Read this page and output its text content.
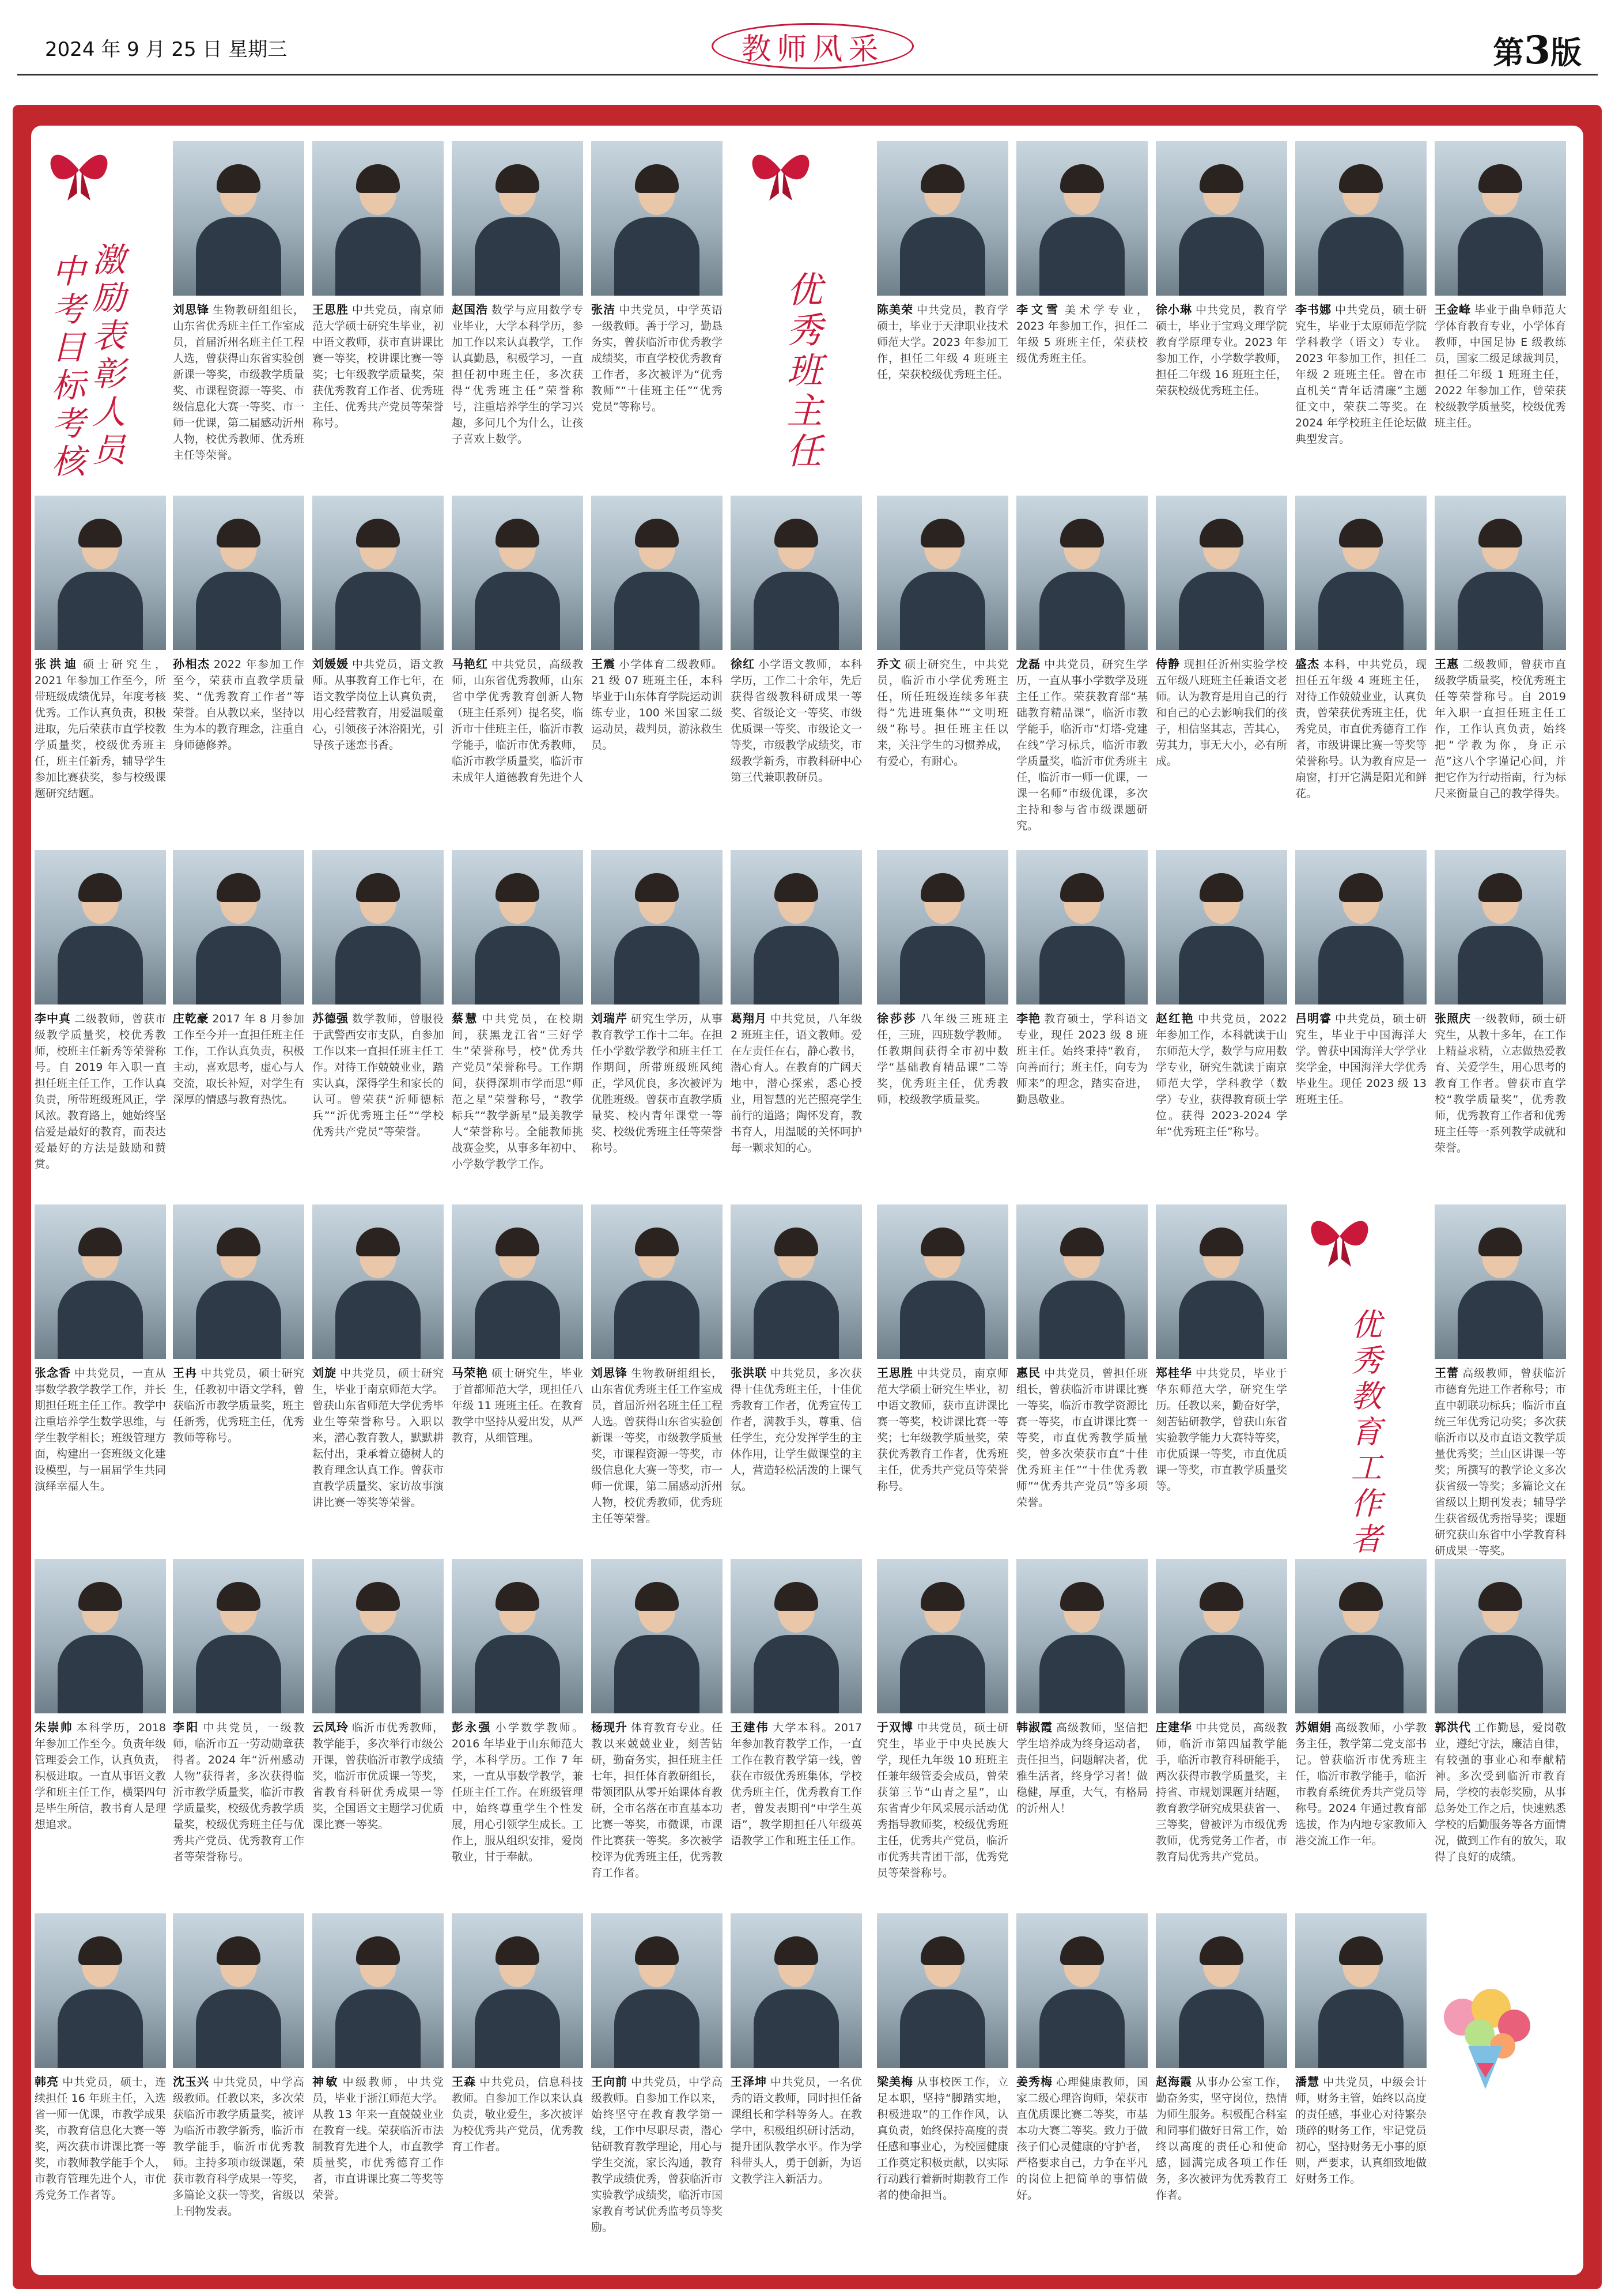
2024 年 9 月 25 日 星期三	教师风采	第3版
激励表彰人员
中考目标考核	优秀班主任
优秀教育工作者
刘思锋 生物教研组组长，山东省优秀班主任工作室成员，首届沂州名班主任工程人选，曾获得山东省实验创新课一等奖，市级教学质量奖、市课程资源一等奖、市级信息化大赛一等奖、市一师一优课，第二届感动沂州人物，校优秀教师、优秀班主任等荣誉。
王思胜 中共党员，南京师范大学硕士研究生毕业，初中语文教师，获市直讲课比赛一等奖，校讲课比赛一等奖；七年级教学质量奖，荣获优秀教育工作者、优秀班主任、优秀共产党员等荣誉称号。
赵国浩 数学与应用数学专业毕业，大学本科学历，参加工作以来认真教学，工作认真勤恳，积极学习，一直担任初中班主任，多次获得“优秀班主任”荣誉称号，注重培养学生的学习兴趣，多问几个为什么，让孩子喜欢上数学。
张洁 中共党员，中学英语一级教师。善于学习，勤恳务实，曾获临沂市优秀教学成绩奖，市直学校优秀教育工作者，多次被评为“优秀教师”“十佳班主任”“优秀党员”等称号。
陈美荣 中共党员，教育学硕士，毕业于天津职业技术师范大学。2023 年参加工作，担任二年级 4 班班主任，荣获校级优秀班主任。
李文雪 美术学专业，2023 年参加工作，担任二年级 5 班班主任，荣获校级优秀班主任。
徐小琳 中共党员，教育学硕士，毕业于宝鸡文理学院教育学原理专业。2023 年参加工作，小学数学教师，担任二年级 16 班班主任，荣获校级优秀班主任。
李书娜 中共党员，硕士研究生，毕业于太原师范学院学科教学（语文）专业。2023 年参加工作，担任二年级 2 班班主任。曾在市直机关“青年话清廉”主题征文中，荣获二等奖。在 2024 年学校班主任论坛做典型发言。
王金峰 毕业于曲阜师范大学体育教育专业，小学体育教师，中国足协 E 级教练员，国家二级足球裁判员，担任二年级 1 班班主任，2022 年参加工作，曾荣获校级教学质量奖，校级优秀班主任。
张洪迪 硕士研究生，2021 年参加工作至今，所带班级成绩优异，年度考核优秀。工作认真负责，积极进取，先后荣获市直学校教学质量奖，校级优秀班主任，班主任新秀，辅导学生参加比赛获奖，参与校级课题研究结题。
孙相杰 2022 年参加工作至今，荣获市直教学质量奖、“优秀教育工作者”等荣誉。自从教以来，坚持以生为本的教育理念，注重自身师德修养。
刘媛媛 中共党员，语文教师。从事教育工作七年，在语文教学岗位上认真负责，用心经营教育，用爱温暖童心，引领孩子沐浴阳光，引导孩子迷恋书香。
马艳红 中共党员，高级教师，山东省优秀教师，山东省中学优秀教育创新人物（班主任系列）提名奖，临沂市十佳班主任，临沂市教学能手，临沂市优秀教师，临沂市教学质量奖，临沂市未成年人道德教育先进个人
王震 小学体育二级教师。21 级 07 班班主任，本科毕业于山东体育学院运动训练专业，100 米国家二级运动员，裁判员，游泳救生员。
徐红 小学语文教师，本科学历，工作二十余年，先后获得省级教科研成果一等奖、省级论文一等奖、市级优质课一等奖、市级论文一等奖，市级教学成绩奖，市级教学新秀，市教科研中心第三代兼职教研员。
乔文 硕士研究生，中共党员，临沂市小学优秀班主任，所任班级连续多年获得“先进班集体”“文明班级”称号。担任班主任以来，关注学生的习惯养成，有爱心，有耐心。
龙磊 中共党员，研究生学历，一直从事小学数学及班主任工作。荣获教育部“基础教育精品课”，临沂市教学能手，临沂市“灯塔-党建在线”学习标兵，临沂市教学质量奖，临沂市优秀班主任，临沂市一师一优课，一课一名师”市级优课，多次主持和参与省市级课题研究。
侍静 现担任沂州实验学校五年级八班班主任兼语文老师。认为教育是用自己的行和自己的心去影响我们的孩子，相信坚其志，苦其心，劳其力，事无大小，必有所成。
盛杰 本科，中共党员，现担任五年级 4 班班主任，对待工作兢兢业业，认真负责，曾荣获优秀班主任，优秀党员，市直优秀德育工作者，市级讲课比赛一等奖等荣誉称号。认为教育应是一扇窗，打开它满是阳光和鲜花。
王惠 二级教师，曾获市直级教学质量奖，校优秀班主任等荣誉称号。自 2019 年入职一直担任班主任工作，工作认真负责，始终把“学教为你，身正示范”这八个字谨记心间，并把它作为行动指南，行为标尺来衡量自己的教学得失。
李中真 二级教师，曾获市级教学质量奖，校优秀教师，校班主任新秀等荣誉称号。自 2019 年入职一直担任班主任工作，工作认真负责，所带班级班风正，学风浓。教育路上，她始终坚信爱是最好的教育，而表达爱最好的方法是鼓励和赞赏。
庄乾豪 2017 年 8 月参加工作至今并一直担任班主任工作，工作认真负责，积极主动，喜欢思考，虚心与人交流，取长补短，对学生有深厚的情感与教育热忱。
苏德强 数学教师，曾服役于武警西安市支队，自参加工作以来一直担任班主任工作。对待工作兢兢业业，踏实认真，深得学生和家长的认可。曾荣获“沂师德标兵”“沂优秀班主任”“学校优秀共产党员”等荣誉。
蔡慧 中共党员，在校期间，获黑龙江省“三好学生”荣誉称号，校“优秀共产党员”荣誉称号。工作期间，获得深圳市学而思“师范之星”荣誉称号，“教学标兵”“教学新星”最美教学人“荣誉称号。全能教师挑战赛金奖，从事多年初中、小学数学教学工作。
刘瑞芹 研究生学历，从事教育教学工作十二年。在担任小学数学教学和班主任工作期间，所带班级班风纯正，学风优良，多次被评为优胜班级。曾获市直教学质量奖、校内青年课堂一等奖、校级优秀班主任等荣誉称号。
葛翔月 中共党员，八年级 2 班班主任，语文教师。爱在左责任在右，静心教书，潜心育人。在教育的广阔天地中，潜心探索，悉心授业，用智慧的光芒照亮学生前行的道路；陶怀发育，教书育人，用温暖的关怀呵护每一颗求知的心。
徐莎莎 八年级三班班主任，三班，四班数学教师。任教期间获得全市初中数学“基础教育精品课”二等奖，优秀班主任，优秀教师，校级教学质量奖。
李艳 教育硕士，学科语文专业，现任 2023 级 8 班班主任。始终秉持“教育，向善而行；班主任，向专为师来”的理念，踏实奋进，勤恳敬业。
赵红艳 中共党员，2022 年参加工作，本科就读于山东师范大学，数学与应用数学专业，研究生就读于南京师范大学，学科教学（数学）专业，获得教育硕士学位。获得 2023-2024 学年“优秀班主任”称号。
吕明睿 中共党员，硕士研究生，毕业于中国海洋大学。曾获中国海洋大学学业奖学金，中国海洋大学优秀毕业生。现任 2023 级 13 班班主任。
张照庆 一级教师，硕士研究生，从教十多年，在工作上精益求精，立志做热爱教育、关爱学生，用心思考的教育工作者。曾获市直学校“教学质量奖”，优秀教师，优秀教育工作者和优秀班主任等一系列教学成就和荣誉。
张念香 中共党员，一直从事数学教学教学工作，并长期担任班主任工作。教学中注重培养学生数学思维，与学生教学相长；班级管理方面，构建出一套班级文化建设模型，与一届届学生共同演绎幸福人生。
王冉 中共党员，硕士研究生，任教初中语文学科，曾获临沂市教学质量奖，班主任新秀，优秀班主任，优秀教师等称号。
刘旋 中共党员，硕士研究生，毕业于南京师范大学。曾获山东省师范大学优秀毕业生等荣誉称号。入职以来，潜心教育教人，默默耕耘付出，秉承着立德树人的教育理念认真工作。曾获市直教学质量奖、家访故事演讲比赛一等奖等荣誉。
马荣艳 硕士研究生，毕业于首都师范大学，现担任八年级 11 班班主任。在教育教学中坚持从爱出发，从严教育，从细管理。
刘思锋 生物教研组组长，山东省优秀班主任工作室成员，首届沂州名班主任工程人选。曾获得山东省实验创新课一等奖，市级教学质量奖，市课程资源一等奖，市级信息化大赛一等奖，市一师一优课，第二届感动沂州人物，校优秀教师，优秀班主任等荣誉。
张洪联 中共党员，多次获得十佳优秀班主任，十佳优秀教育工作者，优秀宣传工作者，满教手头，尊重、信任学生，充分发挥学生的主体作用，让学生做课堂的主人，营造轻松活泼的上课气氛。
王思胜 中共党员，南京师范大学硕士研究生毕业，初中语文教师，获市直讲课比赛一等奖，校讲课比赛一等奖；七年级教学质量奖，荣获优秀教育工作者，优秀班主任，优秀共产党员等荣誉称号。
惠民 中共党员，曾担任班组长，曾获临沂市讲课比赛一等奖，临沂市教学资源比赛一等奖，市直讲课比赛一等奖，市直优秀教学质量奖，曾多次荣获市直“十佳优秀班主任”“十佳优秀教师”“优秀共产党员”等多项荣誉。
郑桂华 中共党员，毕业于华东师范大学，研究生学历。任教以来，勤奋好学，刻苦钻研教学，曾获山东省实验教学能力大赛特等奖，市优质课一等奖，市直优质课一等奖，市直教学质量奖等。
王蕾 高级教师，曾获临沂市德育先进工作者称号；市直中朝联功标兵；临沂市直统三年优秀记功奖；多次获临沂市以及市直语文教学质量优秀奖；兰山区讲课一等奖；所撰写的教学论文多次获省级一等奖；多篇论文在省级以上期刊发表；辅导学生获省级优秀指导奖；课题研究获山东省中小学教育科研成果一等奖。
朱崇帅 本科学历，2018 年参加工作至今。负责年级管理委会工作，认真负责，积极进取。一直从事语文教学和班主任工作，横渠四句是毕生所信，教书育人是理想追求。
李阳 中共党员，一级教师，临沂市五一劳动勋章获得者。2024 年“沂州感动人物”获得者，多次获得临沂市教学质量奖，临沂市教学质量奖，校级优秀教学质量奖，校级优秀班主任与优秀共产党员、优秀教育工作者等荣誉称号。
云凤玲 临沂市优秀教师，教学能手，多次举行市级公开课，曾获临沂市教学成绩奖，临沂市优质课一等奖，省教育科研优秀成果一等奖，全国语文主题学习优质课比赛一等奖。
彭永强 小学数学教师。2016 年毕业于山东师范大学，本科学历。工作 7 年来，一直从事数学教学，兼任班主任工作。在班级管理中，始终尊重学生个性发展，用心引领学生成长。工作上，服从组织安排，爱岗敬业，甘于奉献。
杨现升 体育教育专业。任教以来兢兢业业，刻苦钻研，勤奋务实，担任班主任七年，担任体育教研组长，带领团队从零开始课体育教研，全市名落在市直基本功比赛一等奖，市微课，市课件比赛获一等奖。多次被学校评为优秀班主任，优秀教育工作者。
王建伟 大学本科。2017 年参加教育教学工作，一直工作在教育教学第一线，曾获在市级优秀班集体，学校优秀班主任，优秀教育工作者，曾发表期刊“中学生英语”，教学期担任八年级英语教学工作和班主任工作。
于双博 中共党员，硕士研究生，毕业于中央民族大学，现任九年级 10 班班主任兼年级管委会成员，曾荣获第三节“山青之星”，山东省青少年风采展示活动优秀指导教师奖，校级优秀班主任，优秀共产党员，临沂市优秀共青团干部，优秀党员等荣誉称号。
韩淑霞 高级教师，坚信把学生培养成为终身运动者，责任担当，问题解决者，优雅生活者，终身学习者！做稳健，厚重，大气，有格局的沂州人！
庄建华 中共党员，高级教师，临沂市第四届教学能手，临沂市教育科研能手，两次获得市教学质量奖，主持省、市规划课题并结题，教育教学研究成果获省一、三等奖，曾被评为市级优秀教师，优秀党务工作者，市教育局优秀共产党员。
苏媚娟 高级教师，小学教务主任，教学第二党支部书记。曾获临沂市优秀班主任，临沂市教学能手，临沂市教育系统优秀共产党员等称号。2024 年通过教育部选拔，作为内地专家教师入港交流工作一年。
郭洪代 工作勤恳，爱岗敬业，遵纪守法，廉洁自律，有较强的事业心和奉献精神。多次受到临沂市教育局，学校的表彰奖励，从事总务处工作之后，快速熟悉学校的后勤服务等各方面情况，做到工作有的放矢，取得了良好的成绩。
韩亮 中共党员，硕士，连续担任 16 年班主任，入选省一师一优课，市教学成果奖，市教育信息化大赛一等奖，两次获市讲课比赛一等奖，市教师教学能手个人，市教育管理先进个人，市优秀党务工作者等。
沈玉兴 中共党员，中学高级教师。任教以来，多次荣获临沂市教学质量奖，被评为临沂市教学新秀，临沂市教学能手，临沂市优秀教师。主持多项市级课题，荣获市教育科学成果一等奖，多篇论文获一等奖，省级以上刊物发表。
神敏 中级教师，中共党员，毕业于浙江师范大学。从教 13 年来一直兢兢业业在教育一线。荣获临沂市法制教育先进个人，市直教学质量奖，市优秀德育工作者，市直讲课比赛二等奖等荣誉。
王森 中共党员，信息科技教师。自参加工作以来认真负责，敬业爱生，多次被评为校优秀共产党员，优秀教育工作者。
王向前 中共党员，中学高级教师。自参加工作以来，始终坚守在教育教学第一线，工作中尽职尽责，潜心钻研教育教学理论，用心与学生交流，家长沟通，教育教学成绩优秀，曾获临沂市实验教学成绩奖，临沂市国家教育考试优秀监考员等奖励。
王泽坤 中共党员，一名优秀的语文教师，同时担任备课组长和学科等务人。在教学中，积极组织研讨活动，提升团队教学水平。作为学科带头人，勇于创新，为语文教学注入新活力。
梁美梅 从事校医工作，立足本职，坚持“脚踏实地，积极进取”的工作作风，认真负责，始终保持高度的责任感和事业心，为校园健康工作奠定积极贡献，以实际行动践行着新时期教育工作者的使命担当。
姜秀梅 心理健康教师，国家二级心理咨询师，荣获市直优质课比赛二等奖，市基本功大赛二等奖。致力于做孩子们心灵健康的守护者，严格要求自己，力争在平凡的岗位上把简单的事情做好。
赵海霞 从事办公室工作，勤奋务实，坚守岗位，热情为师生服务。积极配合科室和同事们做好日常工作，始终以高度的责任心和使命感，圆满完成各项工作任务，多次被评为优秀教育工作者。
潘慧 中共党员，中级会计师，财务主管，始终以高度的责任感，事业心对待繁杂琐碎的财务工作，牢记党员初心，坚持财务无小事的原则，严要求，认真细致地做好财务工作。
